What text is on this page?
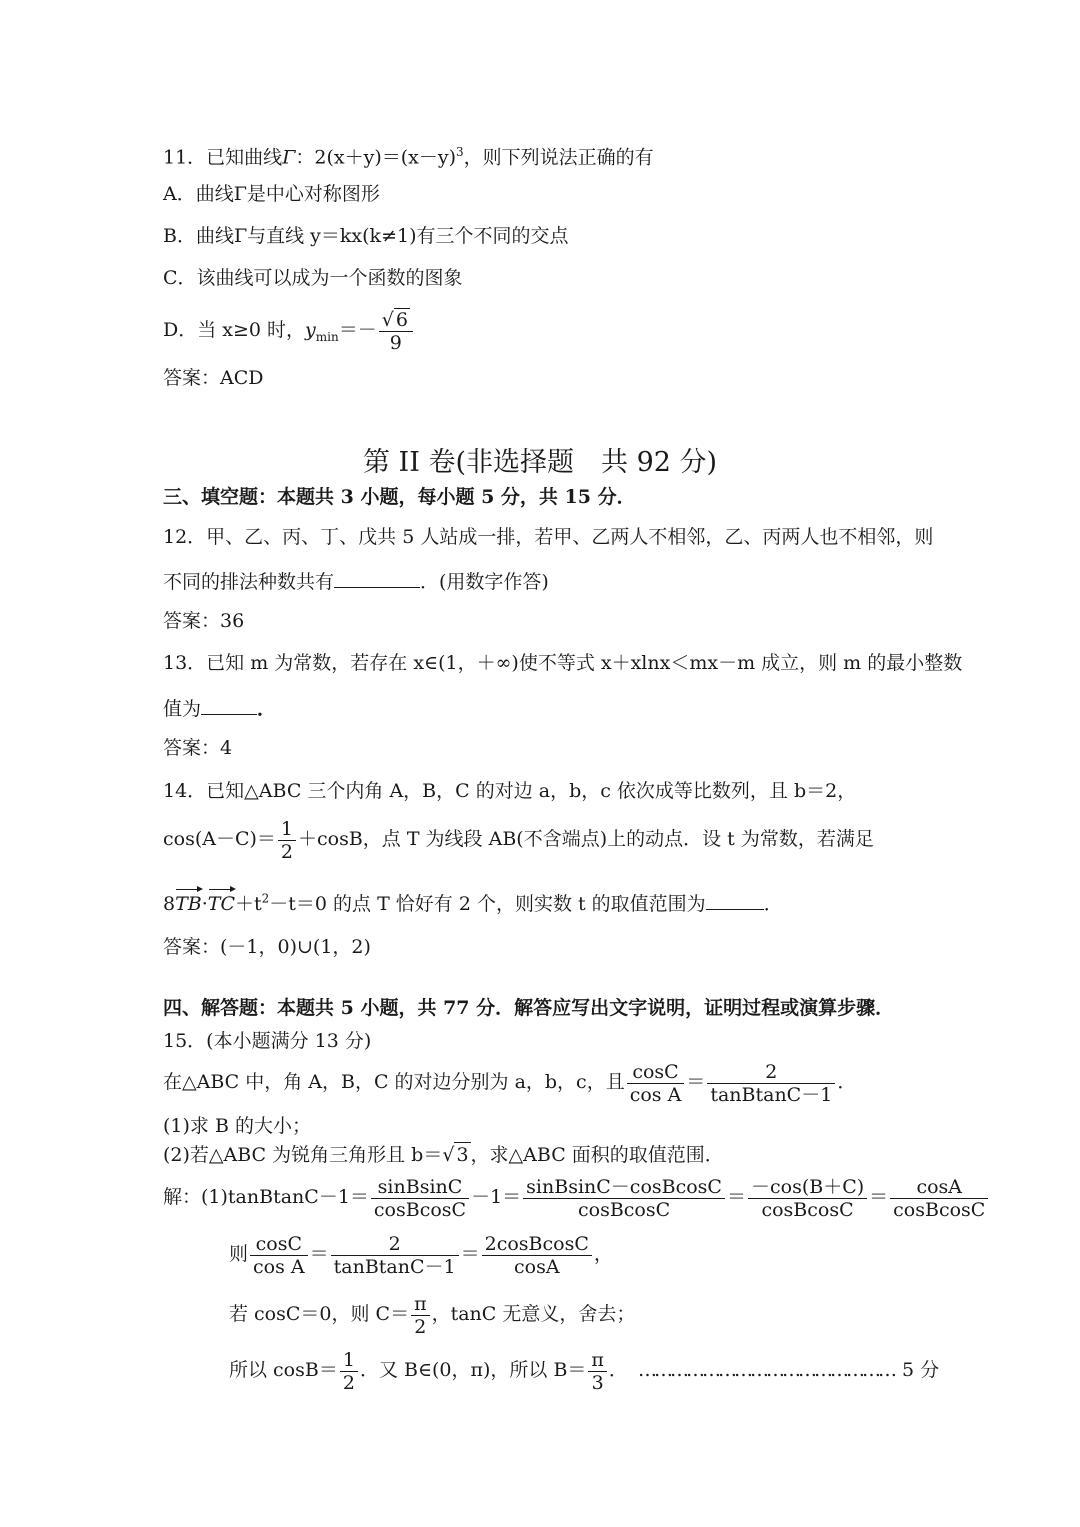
11．已知曲线Γ：$2(x+y)=(x-y)^3$，则下列说法正确的有
A．曲线Γ是中心对称图形
B．曲线Γ与直线 y＝kx(k≠1)有三个不同的交点
C．该曲线可以成为一个函数的图象
D．当 x≥0 时，$y_{min}=- \frac{√ 6}{9}$
答案：ACD
第 II 卷(非选择题　共 92 分)
三、填空题：本题共 3 小题，每小题 5 分，共 15 分．
12．甲、乙、丙、丁、戊共 5 人站成一排，若甲、乙两人不相邻，乙、丙两人也不相邻，则
不同的排法种数共有	．(用数字作答)
答案：36
13．已知 m 为常数，若存在 x∈(1，＋∞)使不等式 x＋xlnx＜mx－m 成立，则 m 的最小整数
值为	．
答案：4
14．已知△ABC 三个内角 A，B，C 的对边 a，b，c 依次成等比数列，且 b＝2，
$\cos(A-C)= \frac{1}{2} +\cos B$，点 T 为线段 AB(不含端点)上的动点．设 t 为常数，若满足
$8TB\cdot TC+t^2-t=0$ 的点 T 恰好有 2 个，则实数 t 的取值范围为	．
答案：(－1，0)∪(1，2)
四、解答题：本题共 5 小题，共 77 分．解答应写出文字说明，证明过程或演算步骤．
15．(本小题满分 13 分)
在△ABC 中，角 A，B，C 的对边分别为 a，b，c，且 $\frac{\cos C}{\text{cos A}} = \frac{2}{\text{tanBtanC－1}}$ ．
(1)求 B 的大小；
(2)若△ABC 为锐角三角形且 b＝√ 3 ，求△ABC 面积的取值范围．
解：(1)tanBtanC－1＝ $\frac{\text{sinBsinC}}{\text{cosBcosC}} -1= \frac{\text{sinBsinC－cosBcosC}}{\text{cosBcosC}} = \frac{-\cos(B+C)}{\text{cosBcosC}} = \frac{\cos A}{\text{cosBcosC}}$
则 $\frac{\cos C}{\text{cos A}} = \frac{2}{\text{tanBtanC－1}} = \frac{\text{2cosBcosC}}{\cos A}$ ，
若 cosC＝0，则 $C= \frac{\pi}{2}$ ，tanC 无意义，舍去；
所以 $\cos B= \frac{1}{2}$ ．又 B∈(0，π)，所以 $B= \frac{\pi}{3}$ ． ………………………………………… 5 分
